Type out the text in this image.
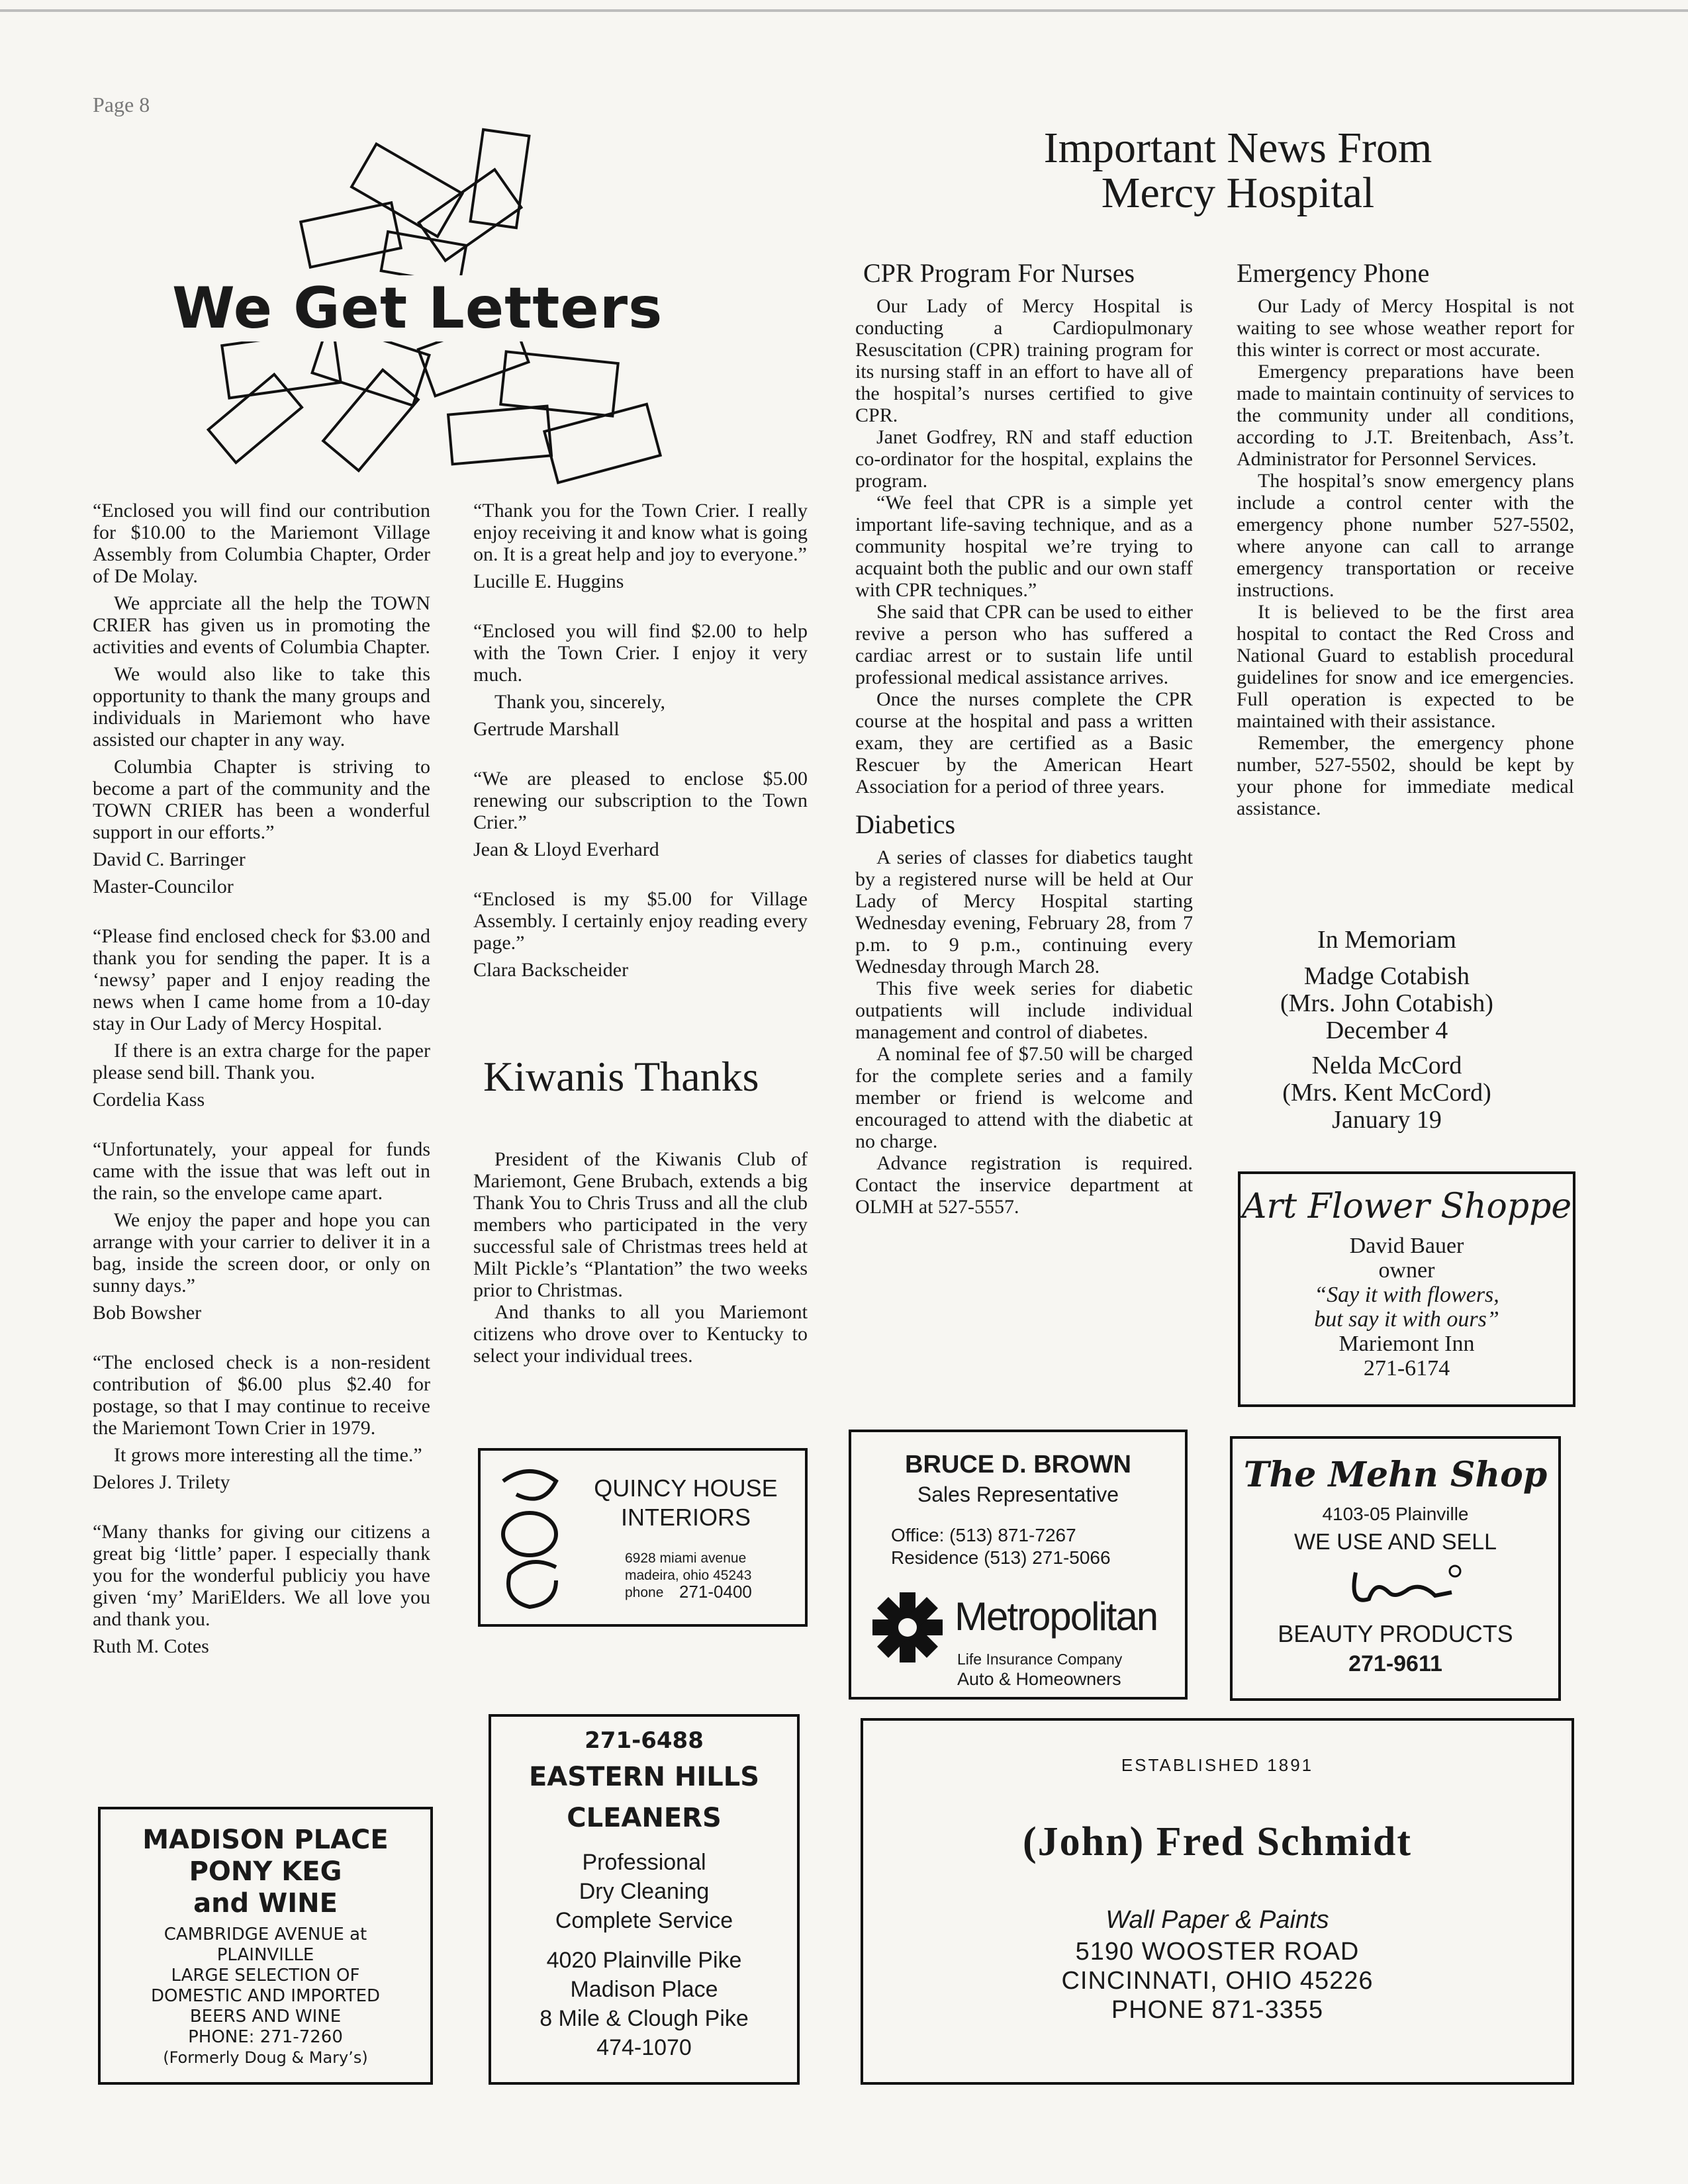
Page 8
We Get Letters

“Enclosed you will find our contribution for $10.00 to the Mariemont Village Assembly from Columbia Chapter, Order of De Molay.

We apprciate all the help the TOWN CRIER has given us in promoting the activities and events of Columbia Chapter.

We would also like to take this opportunity to thank the many groups and individuals in Mariemont who have assisted our chapter in any way.

Columbia Chapter is striving to become a part of the community and the TOWN CRIER has been a wonderful support in our efforts.”

David C. Barringer
Master-Councilor

“Please find enclosed check for $3.00 and thank you for sending the paper. It is a ‘newsy’ paper and I enjoy reading the news when I came home from a 10-day stay in Our Lady of Mercy Hospital.

If there is an extra charge for the paper please send bill. Thank you.

Cordelia Kass

“Unfortunately, your appeal for funds came with the issue that was left out in the rain, so the envelope came apart.

We enjoy the paper and hope you can arrange with your carrier to deliver it in a bag, inside the screen door, or only on sunny days.”

Bob Bowsher

“The enclosed check is a non-resident contribution of $6.00 plus $2.40 for postage, so that I may continue to receive the Mariemont Town Crier in 1979.

It grows more interesting all the time.”

Delores J. Trilety

“Many thanks for giving our citizens a great big ‘little’ paper. I especially thank you for the wonderful publiciy you have given ‘my’ MariElders. We all love you and thank you.

Ruth M. Cotes

“Thank you for the Town Crier. I really enjoy receiving it and know what is going on. It is a great help and joy to everyone.”

Lucille E. Huggins

“Enclosed you will find $2.00 to help with the Town Crier. I enjoy it very much.

Thank you, sincerely,

Gertrude Marshall

“We are pleased to enclose $5.00 renewing our subscription to the Town Crier.”

Jean & Lloyd Everhard

“Enclosed is my $5.00 for Village Assembly. I certainly enjoy reading every page.”

Clara Backscheider
Kiwanis Thanks

President of the Kiwanis Club of Mariemont, Gene Brubach, extends a big Thank You to Chris Truss and all the club members who participated in the very successful sale of Christmas trees held at Milt Pickle’s “Plantation” the two weeks prior to Christmas.

And thanks to all you Mariemont citizens who drove over to Kentucky to select your individual trees.

Important News From
Mercy Hospital
CPR Program For Nurses

Our Lady of Mercy Hospital is conducting a Cardiopulmonary Resuscitation (CPR) training program for its nursing staff in an effort to have all of the hospital’s nurses certified to give CPR.

Janet Godfrey, RN and staff eduction co-ordinator for the hospital, explains the program.

“We feel that CPR is a simple yet important life-saving technique, and as a community hospital we’re trying to acquaint both the public and our own staff with CPR techniques.”

She said that CPR can be used to either revive a person who has suffered a cardiac arrest or to sustain life until professional medical assistance arrives.

Once the nurses complete the CPR course at the hospital and pass a written exam, they are certified as a Basic Rescuer by the American Heart Association for a period of three years.

Diabetics

A series of classes for diabetics taught by a registered nurse will be held at Our Lady of Mercy Hospital starting Wednesday evening, February 28, from 7 p.m. to 9 p.m., continuing every Wednesday through March 28.

This five week series for diabetic outpatients will include individual management and control of diabetes.

A nominal fee of $7.50 will be charged for the complete series and a family member or friend is welcome and encouraged to attend with the diabetic at no charge.

Advance registration is required. Contact the inservice department at OLMH at 527-5557.

Emergency Phone

Our Lady of Mercy Hospital is not waiting to see whose weather report for this winter is correct or most accurate.

Emergency preparations have been made to maintain continuity of services to the community under all conditions, according to J.T. Breitenbach, Ass’t. Administrator for Personnel Services.

The hospital’s snow emergency plans include a control center with the emergency phone number 527-5502, where anyone can call to arrange emergency transportation or receive instructions.

It is believed to be the first area hospital to contact the Red Cross and National Guard to establish procedural guidelines for snow and ice emergencies. Full operation is expected to be maintained with their assistance.

Remember, the emergency phone number, 527-5502, should be kept by your phone for immediate medical assistance.

In Memoriam
Madge Cotabish
(Mrs. John Cotabish)
December 4
Nelda McCord
(Mrs. Kent McCord)
January 19
Art Flower Shoppe
David Bauer
owner
“Say it with flowers,
but say it with ours”
Mariemont Inn
271-6174
MADISON PLACE
PONY KEG
and WINE
CAMBRIDGE AVENUE at
PLAINVILLE
LARGE SELECTION OF
DOMESTIC AND IMPORTED
BEERS AND WINE
PHONE: 271-7260
(Formerly Doug & Mary’s)
QUINCY HOUSE
INTERIORS
6928 miami avenue
madeira, ohio 45243
phone 271-0400
271-6488
EASTERN HILLS
CLEANERS
Professional
Dry Cleaning
Complete Service
4020 Plainville Pike
Madison Place
8 Mile & Clough Pike
474-1070
BRUCE D. BROWN
Sales Representative
Office: (513) 871-7267
Residence (513) 271-5066
Metropolitan
Life Insurance Company
Auto & Homeowners
The Mehn Shop
4103-05 Plainville
WE USE AND SELL
BEAUTY PRODUCTS
271-9611
ESTABLISHED 1891
(John) Fred Schmidt
Wall Paper & Paints
5190 WOOSTER ROAD
CINCINNATI, OHIO 45226
PHONE 871-3355
